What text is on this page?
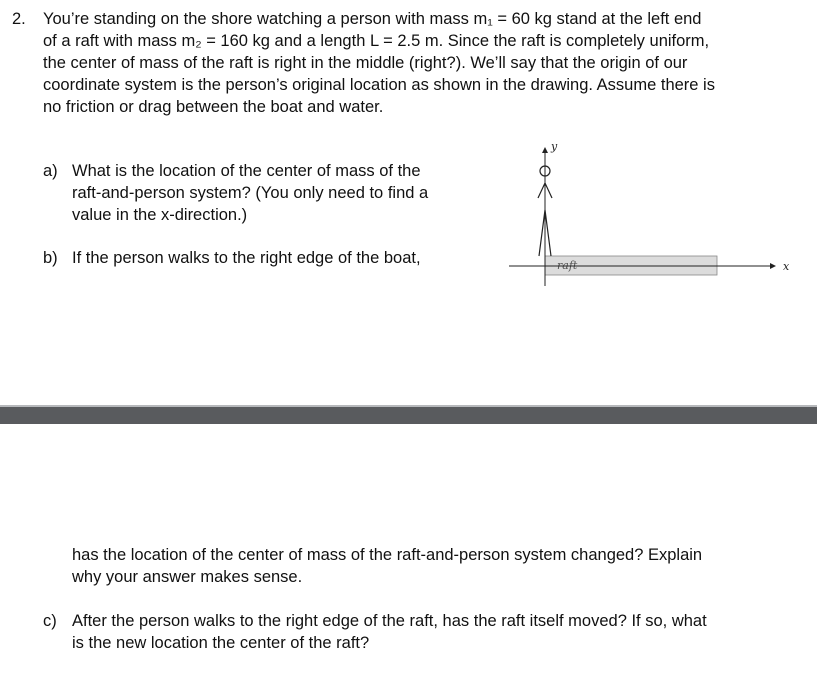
2. You’re standing on the shore watching a person with mass m₁ = 60 kg stand at the left end
of a raft with mass m₂ = 160 kg and a length L = 2.5 m. Since the raft is completely uniform,
the center of mass of the raft is right in the middle (right?). We’ll say that the origin of our
coordinate system is the person’s original location as shown in the drawing. Assume there is
no friction or drag between the boat and water.
a) What is the location of the center of mass of the
raft-and-person system? (You only need to find a
value in the x-direction.)
b) If the person walks to the right edge of the boat,	raft	x
y
has the location of the center of mass of the raft-and-person system changed? Explain
why your answer makes sense.
c) After the person walks to the right edge of the raft, has the raft itself moved? If so, what
is the new location the center of the raft?
